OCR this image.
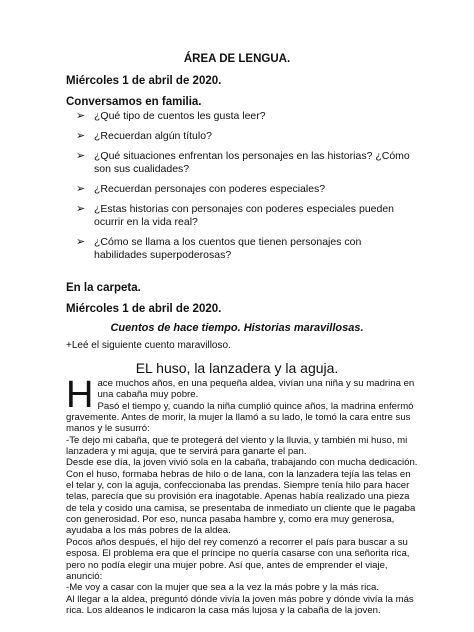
ÁREA DE LENGUA.
Miércoles 1 de abril de 2020.
Conversamos en familia.
➢ ¿Qué tipo de cuentos les gusta leer?
➢ ¿Recuerdan algún título?
➢ ¿Qué situaciones enfrentan los personajes en las historias? ¿Cómo son sus cualidades?
➢ ¿Recuerdan personajes con poderes especiales?
➢ ¿Estas historias con personajes con poderes especiales pueden ocurrir en la vida real?
➢ ¿Cómo se llama a los cuentos que tienen personajes con habilidades superpoderosas?
En la carpeta.
Miércoles 1 de abril de 2020.
Cuentos de hace tiempo. Historias maravillosas.
+Leé el siguiente cuento maravilloso.
EL huso, la lanzadera y la aguja.

Hace muchos años, en una pequeña aldea, vivían una niña y su madrina en una cabaña muy pobre.

Pasó el tiempo y, cuando la niña cumplió quince años, la madrina enfermó gravemente. Antes de morir, la mujer la llamó a su lado, le tomó la cara entre sus manos y le susurró:

-Te dejo mi cabaña, que te protegerá del viento y la lluvia, y también mi huso, mi lanzadera y mi aguja, que te servirá para ganarte el pan.

Desde ese día, la joven vivió sola en la cabaña, trabajando con mucha dedicación. Con el huso, formaba hebras de hilo o de lana, con la lanzadera tejía las telas en el telar y, con la aguja, confeccionaba las prendas. Siempre tenía hilo para hacer telas, parecía que su provisión era inagotable. Apenas había realizado una pieza de tela y cosido una camisa, se presentaba de inmediato un cliente que le pagaba con generosidad. Por eso, nunca pasaba hambre y, como era muy generosa, ayudaba a los más pobres de la aldea.

Pocos años después, el hijo del rey comenzó a recorrer el país para buscar a su esposa. El problema era que el príncipe no quería casarse con una señorita rica, pero no podía elegir una mujer pobre. Así que, antes de emprender el viaje, anunció:

-Me voy a casar con la mujer que sea a la vez la más pobre y la más rica.

Al llegar a la aldea, preguntó dónde vivía la joven más pobre y dónde vivía la más rica. Los aldeanos le indicaron la casa más lujosa y la cabaña de la joven.
